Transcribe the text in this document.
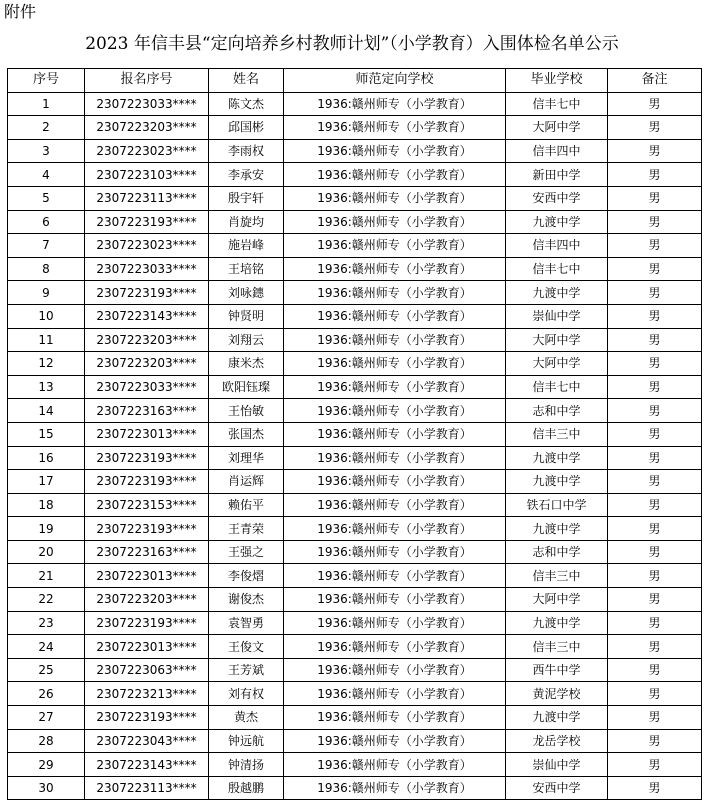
附件
2023 年信丰县“定向培养乡村教师计划”（小学教育）入围体检名单公示
序号	报名序号	姓名	师范定向学校	毕业学校	备注
1	2307223033****	陈文杰	1936:赣州师专（小学教育）	信丰七中	男
2	2307223203****	邱国彬	1936:赣州师专（小学教育）	大阿中学	男
3	2307223023****	李雨权	1936:赣州师专（小学教育）	信丰四中	男
4	2307223103****	李承安	1936:赣州师专（小学教育）	新田中学	男
5	2307223113****	殷宇轩	1936:赣州师专（小学教育）	安西中学	男
6	2307223193****	肖旋均	1936:赣州师专（小学教育）	九渡中学	男
7	2307223023****	施岩峰	1936:赣州师专（小学教育）	信丰四中	男
8	2307223033****	王培铭	1936:赣州师专（小学教育）	信丰七中	男
9	2307223193****	刘咏鏸	1936:赣州师专（小学教育）	九渡中学	男
10	2307223143****	钟贤明	1936:赣州师专（小学教育）	崇仙中学	男
11	2307223203****	刘翔云	1936:赣州师专（小学教育）	大阿中学	男
12	2307223203****	康米杰	1936:赣州师专（小学教育）	大阿中学	男
13	2307223033****	欧阳钰璨	1936:赣州师专（小学教育）	信丰七中	男
14	2307223163****	王怡敏	1936:赣州师专（小学教育）	志和中学	男
15	2307223013****	张国杰	1936:赣州师专（小学教育）	信丰三中	男
16	2307223193****	刘理华	1936:赣州师专（小学教育）	九渡中学	男
17	2307223193****	肖运辉	1936:赣州师专（小学教育）	九渡中学	男
18	2307223153****	赖佑平	1936:赣州师专（小学教育）	铁石口中学	男
19	2307223193****	王青荣	1936:赣州师专（小学教育）	九渡中学	男
20	2307223163****	王强之	1936:赣州师专（小学教育）	志和中学	男
21	2307223013****	李俊熠	1936:赣州师专（小学教育）	信丰三中	男
22	2307223203****	谢俊杰	1936:赣州师专（小学教育）	大阿中学	男
23	2307223193****	袁智勇	1936:赣州师专（小学教育）	九渡中学	男
24	2307223013****	王俊文	1936:赣州师专（小学教育）	信丰三中	男
25	2307223063****	王芳斌	1936:赣州师专（小学教育）	西牛中学	男
26	2307223213****	刘有权	1936:赣州师专（小学教育）	黄泥学校	男
27	2307223193****	黄杰	1936:赣州师专（小学教育）	九渡中学	男
28	2307223043****	钟远航	1936:赣州师专（小学教育）	龙岳学校	男
29	2307223143****	钟清扬	1936:赣州师专（小学教育）	崇仙中学	男
30	2307223113****	殷越鹏	1936:赣州师专（小学教育）	安西中学	男
